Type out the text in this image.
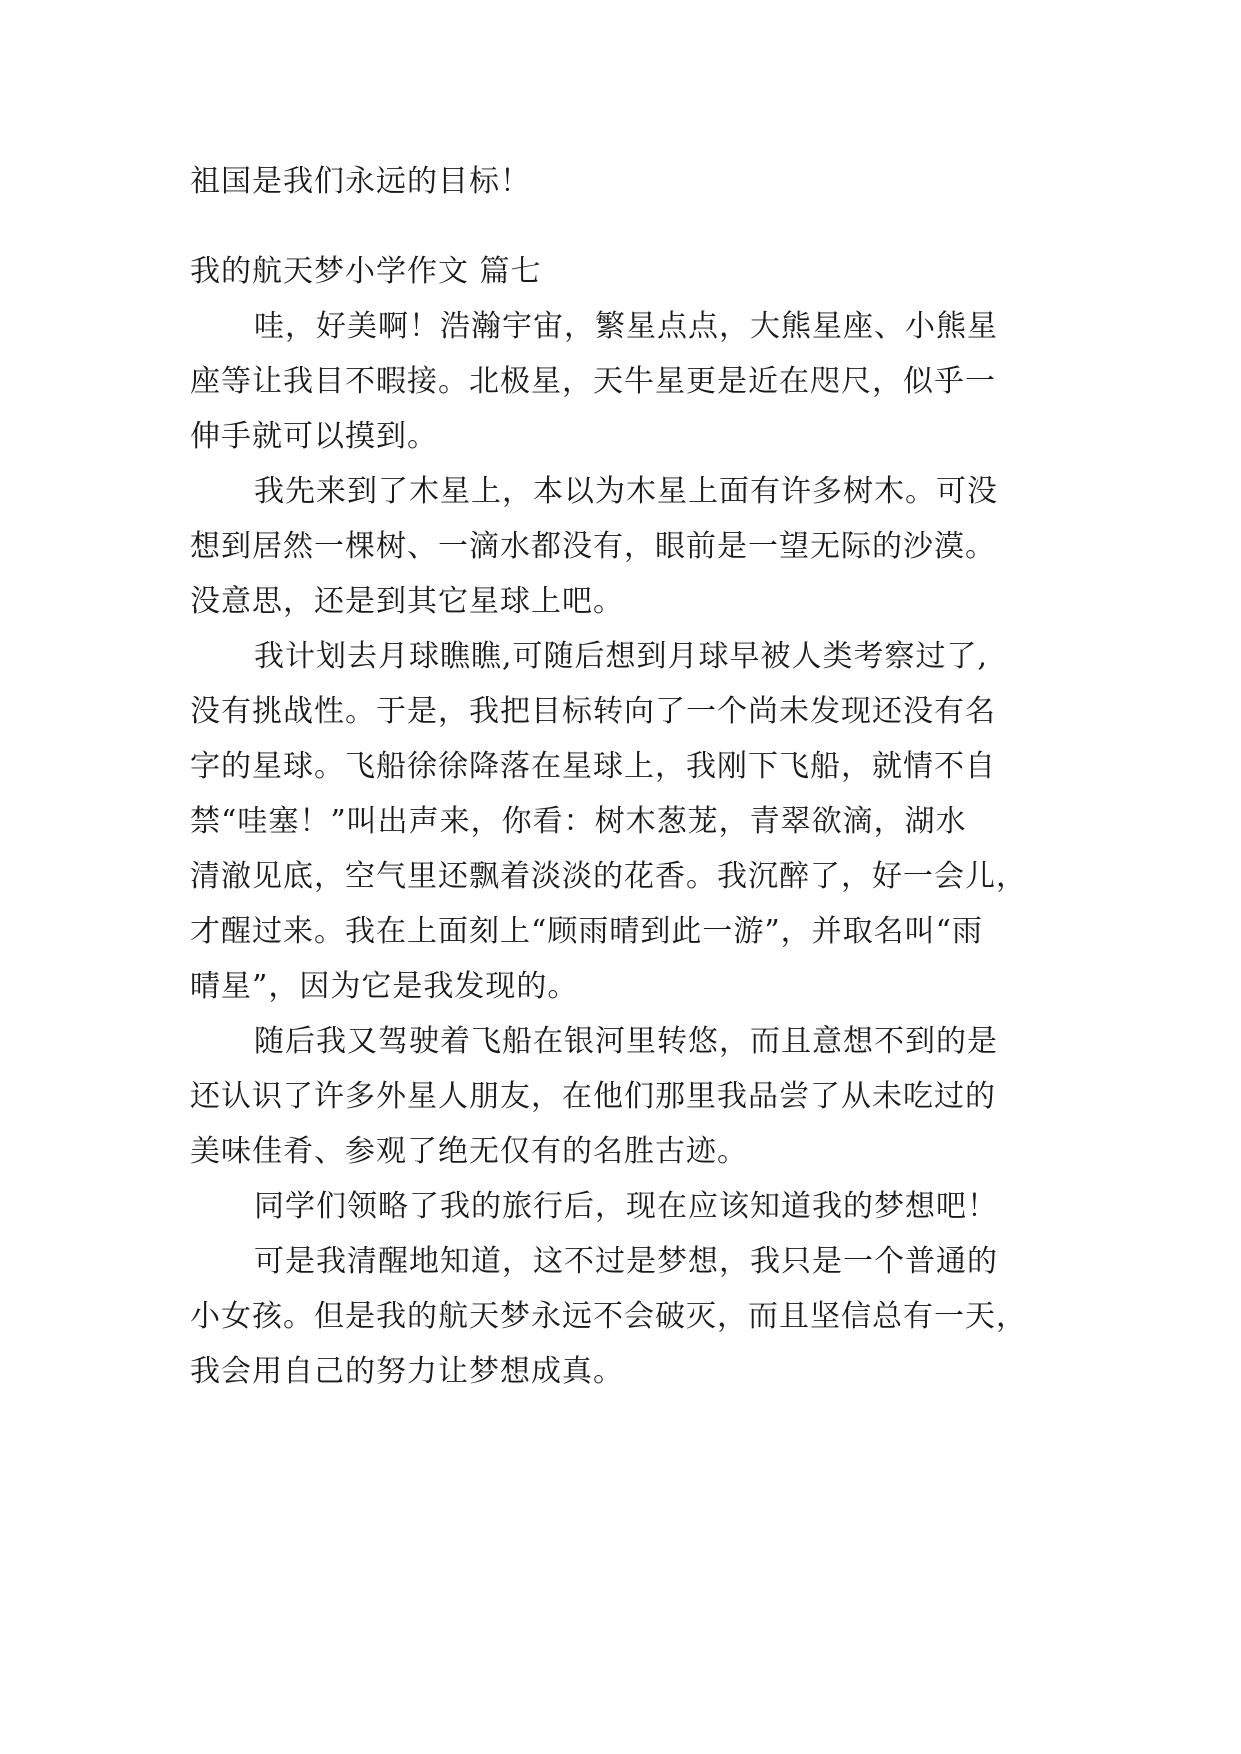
祖国是我们永远的目标！
我的航天梦小学作文 篇七
哇，好美啊！浩瀚宇宙，繁星点点，大熊星座、小熊星
座等让我目不暇接。北极星，天牛星更是近在咫尺，似乎一
伸手就可以摸到。
我先来到了木星上，本以为木星上面有许多树木。可没
想到居然一棵树、一滴水都没有，眼前是一望无际的沙漠。
没意思，还是到其它星球上吧。
我计划去月球瞧瞧,可随后想到月球早被人类考察过了,
没有挑战性。于是，我把目标转向了一个尚未发现还没有名
字的星球。飞船徐徐降落在星球上，我刚下飞船，就情不自
禁“哇塞！”叫出声来，你看：树木葱茏，青翠欲滴，湖水
清澈见底，空气里还飘着淡淡的花香。我沉醉了，好一会儿，
才醒过来。我在上面刻上“顾雨晴到此一游”，并取名叫“雨
晴星”，因为它是我发现的。
随后我又驾驶着飞船在银河里转悠，而且意想不到的是
还认识了许多外星人朋友，在他们那里我品尝了从未吃过的
美味佳肴、参观了绝无仅有的名胜古迹。
同学们领略了我的旅行后，现在应该知道我的梦想吧！
可是我清醒地知道，这不过是梦想，我只是一个普通的
小女孩。但是我的航天梦永远不会破灭，而且坚信总有一天，
我会用自己的努力让梦想成真。
